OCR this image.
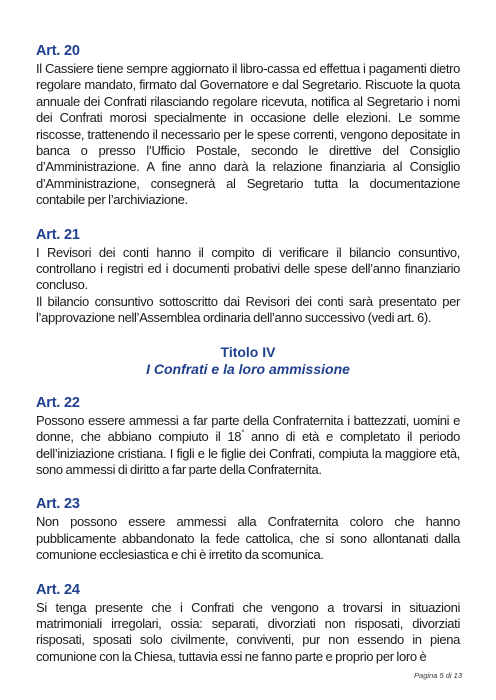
Art. 20

Il Cassiere tiene sempre aggiornato il libro-cassa ed effettua i pagamenti dietro regolare mandato, firmato dal Governatore e dal Segretario. Riscuote la quota annuale dei Confrati rilasciando regolare ricevuta, notifica al Segretario i nomi dei Confrati morosi specialmente in occasione delle elezioni. Le somme riscosse, trattenendo il necessario per le spese correnti, vengono depositate in banca o presso l’Ufficio Postale, secondo le direttive del Consiglio d’Amministrazione. A fine anno darà la relazione finanziaria al Consiglio d’Amministrazione, consegnerà al Segretario tutta la documentazione contabile per l’archiviazione.

Art. 21

I Revisori dei conti hanno il compito di verificare il bilancio consuntivo, controllano i registri ed i documenti probativi delle spese dell’anno finanziario concluso.

Il bilancio consuntivo sottoscritto dai Revisori dei conti sarà presentato per l’approvazione nell’Assemblea ordinaria dell’anno successivo (vedi art. 6).

Titolo IV
I Confrati e la loro ammissione
Art. 22

Possono essere ammessi a far parte della Confraternita i battezzati, uomini e donne, che abbiano compiuto il 18° anno di età e completato il periodo dell’iniziazione cristiana. I figli e le figlie dei Confrati, compiuta la maggiore età, sono ammessi di diritto a far parte della Confraternita.

Art. 23

Non possono essere ammessi alla Confraternita coloro che hanno pubblicamente abbandonato la fede cattolica, che si sono allontanati dalla comunione ecclesiastica e chi è irretito da scomunica.

Art. 24

Si tenga presente che i Confrati che vengono a trovarsi in situazioni matrimoniali irregolari, ossia: separati, divorziati non risposati, divorziati risposati, sposati solo civilmente, conviventi, pur non essendo in piena comunione con la Chiesa, tuttavia essi ne fanno parte e proprio per loro è

Pagina 5 di 13
